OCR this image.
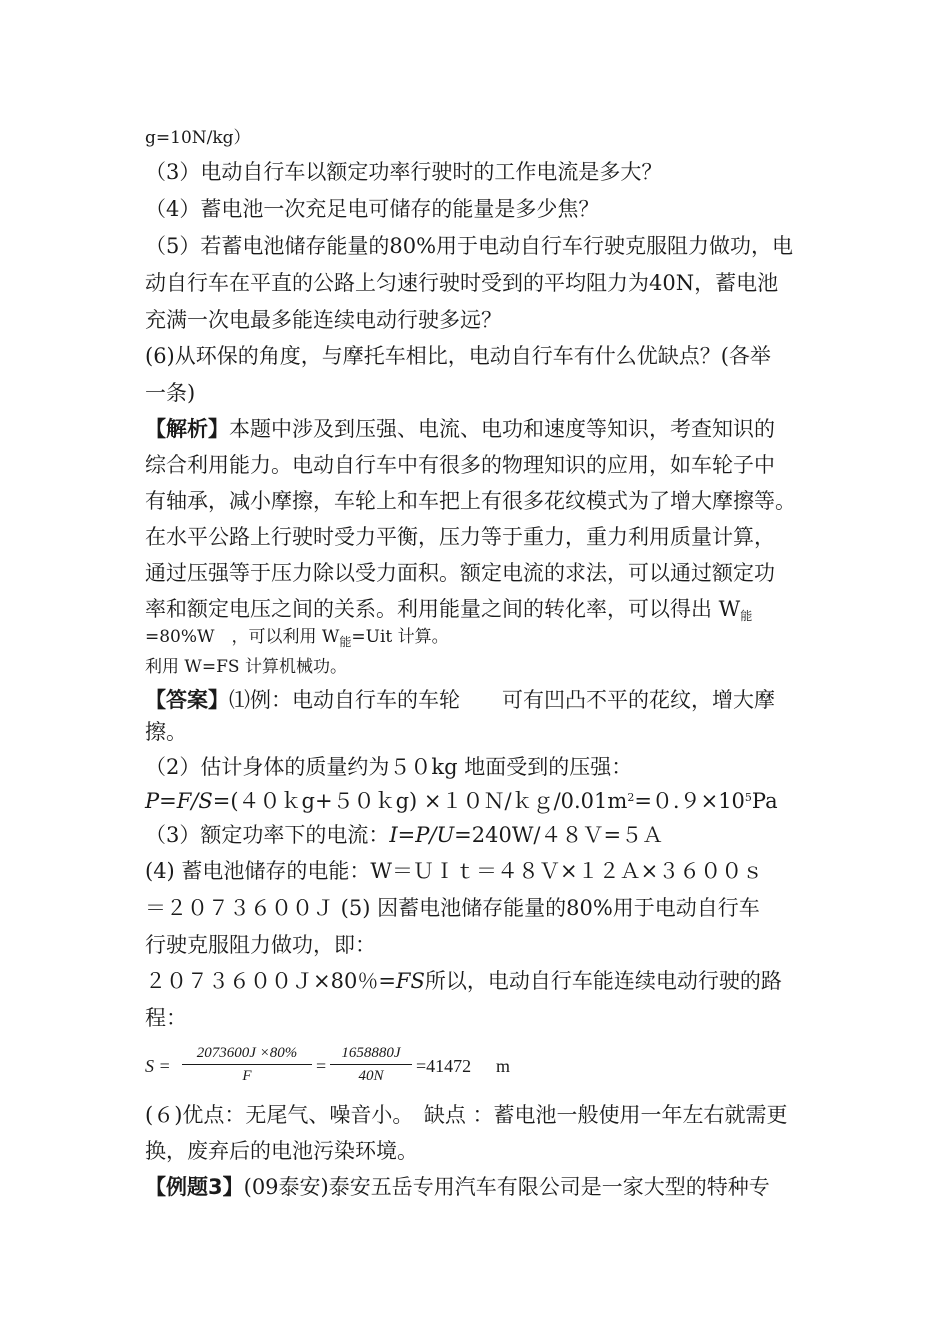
g=10N/kg）
（3）电动自行车以额定功率行驶时的工作电流是多大？
（4）蓄电池一次充足电可储存的能量是多少焦？
（5）若蓄电池储存能量的80%用于电动自行车行驶克服阻力做功，电
动自行车在平直的公路上匀速行驶时受到的平均阻力为40N，蓄电池
充满一次电最多能连续电动行驶多远？
(6)从环保的角度，与摩托车相比，电动自行车有什么优缺点？(各举
一条)
【解析】本题中涉及到压强、电流、电功和速度等知识，考查知识的
综合利用能力。电动自行车中有很多的物理知识的应用，如车轮子中
有轴承，减小摩擦，车轮上和车把上有很多花纹模式为了增大摩擦等。
在水平公路上行驶时受力平衡，压力等于重力，重力利用质量计算，
通过压强等于压力除以受力面积。额定电流的求法，可以通过额定功
率和额定电压之间的关系。利用能量之间的转化率，可以得出 W能
=80%W　，可以利用 $W_能=Uit$ 计算。
利用 W=FS 计算机械功。
【答案】⑴例：电动自行车的车轮　　可有凹凸不平的花纹，增大摩
擦。
（2）估计身体的质量约为５０kg 地面受到的压强：
P=F/S=(４０ｋg+５０ｋg) $\times 10N/kg/0.01m^2=0.9\times 10^5Pa$
（3）额定功率下的电流：I=P/U=240W/４８Ｖ=５Ａ
(4) 蓄电池储存的电能：W＝ＵＩｔ＝４８Ｖ×１２Ａ×３６００ｓ
＝２０７３６００Ｊ (5) 因蓄电池储存能量的80%用于电动自行车
行驶克服阻力做功，即：
２０７３６００Ｊ×80％=FS所以，电动自行车能连续电动行驶的路
程：
S =
2073600J ×80%
F	=
1658880J
40N	=41472 m
(６)优点：无尾气、噪音小。　缺点 ：蓄电池一般使用一年左右就需更
换，废弃后的电池污染环境。
【例题3】(09泰安)泰安五岳专用汽车有限公司是一家大型的特种专
